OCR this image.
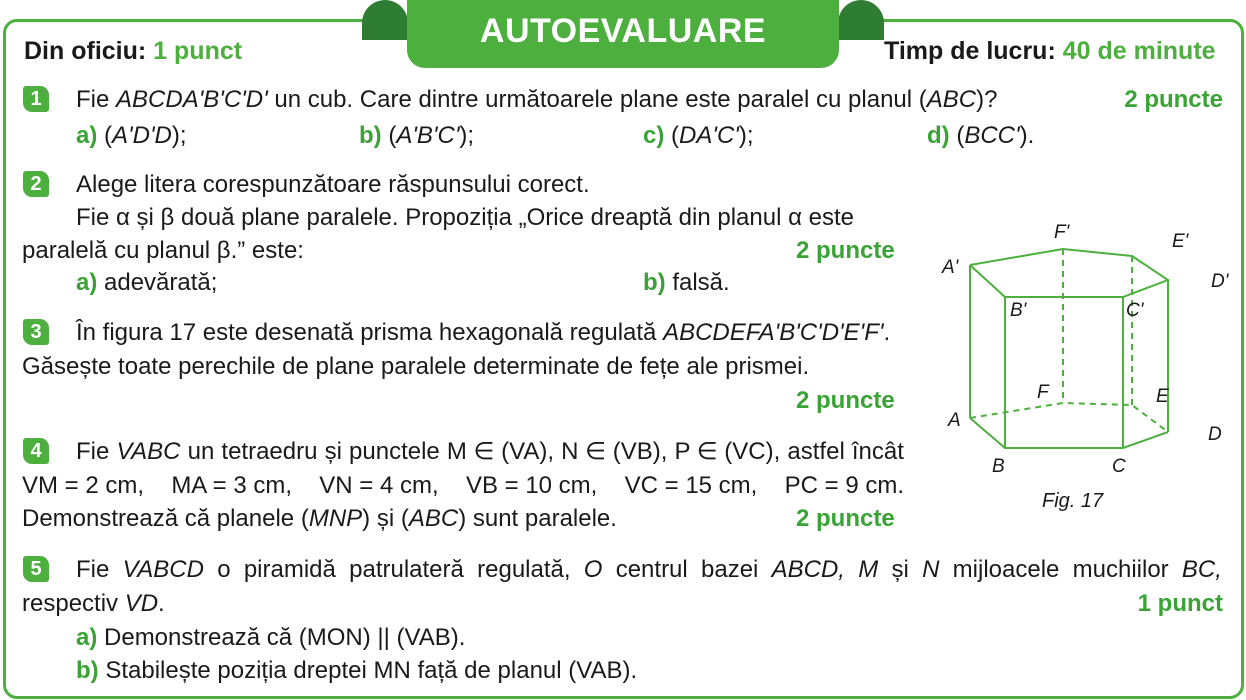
AUTOEVALUARE
Din oficiu: 1 punct	Timp de lucru: 40 de minute
1	Fie ABCDA'B'C'D' un cub. Care dintre următoarele plane este paralel cu planul (ABC)?	2 puncte
a) (A'D'D);	b) (A'B'C');	c) (DA'C');	d) (BCC').
2	Alege litera corespunzătoare răspunsului corect.
Fie α și β două plane paralele. Propoziția „Orice dreaptă din planul α este
paralelă cu planul β.” este:	2 puncte
a) adevărată;	b) falsă.
3	În figura 17 este desenată prisma hexagonală regulată ABCDEFA'B'C'D'E'F'.
Găsește toate perechile de plane paralele determinate de fețe ale prismei.
2 puncte
4	Fie VABC un tetraedru și punctele M ∈ (VA), N ∈ (VB), P ∈ (VC), astfel încât
VM = 2 cm, MA = 3 cm, VN = 4 cm, VB = 10 cm, VC = 15 cm, PC = 9 cm.
Demonstrează că planele (MNP) și (ABC) sunt paralele.	2 puncte
5	Fie VABCD o piramidă patrulateră regulată, O centrul bazei ABCD, M și N mijloacele muchiilor BC,
respectiv VD.	1 punct
a) Demonstrează că (MON) || (VAB).
b) Stabilește poziția dreptei MN față de planul (VAB).
A'
B'	C'
D'
E'
F'
A
B	C
D
E
F
Fig. 17
